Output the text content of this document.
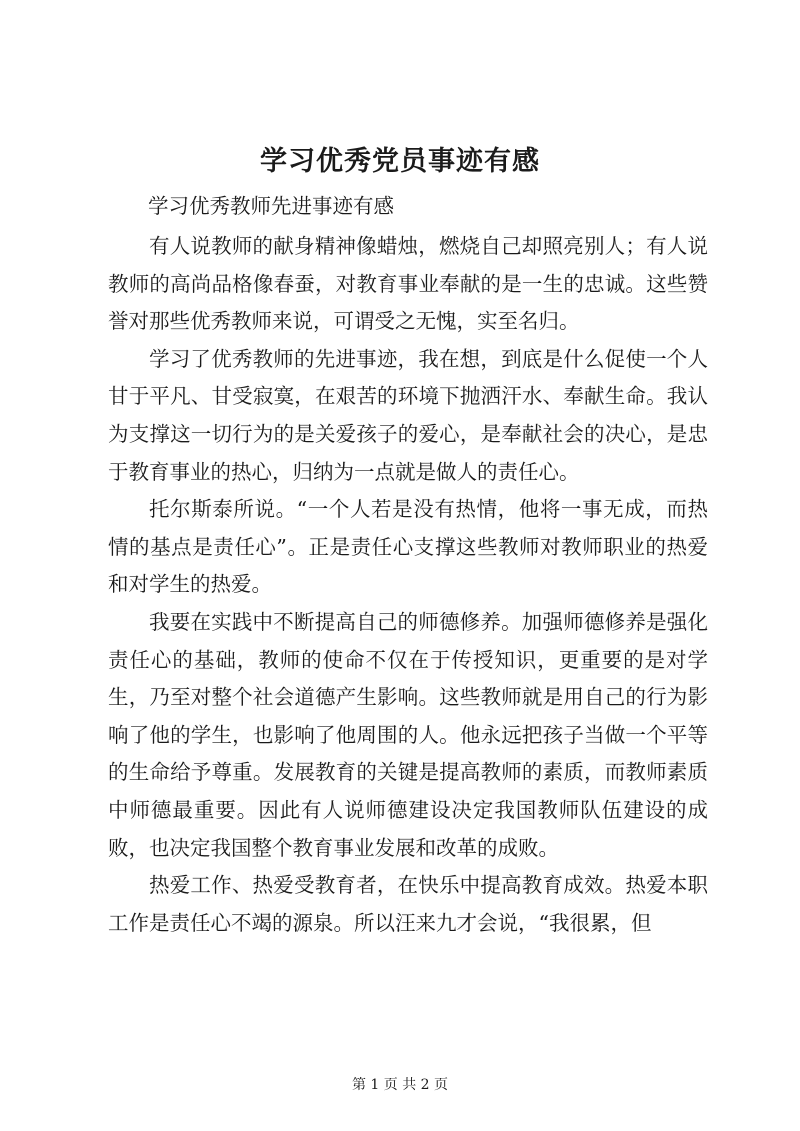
学习优秀党员事迹有感
学习优秀教师先进事迹有感

有人说教师的献身精神像蜡烛，燃烧自己却照亮别人；有人说教师的高尚品格像春蚕，对教育事业奉献的是一生的忠诚。这些赞誉对那些优秀教师来说，可谓受之无愧，实至名归。

学习了优秀教师的先进事迹，我在想，到底是什么促使一个人甘于平凡、甘受寂寞，在艰苦的环境下抛洒汗水、奉献生命。我认为支撑这一切行为的是关爱孩子的爱心，是奉献社会的决心，是忠于教育事业的热心，归纳为一点就是做人的责任心。

托尔斯泰所说。“一个人若是没有热情，他将一事无成，而热情的基点是责任心”。正是责任心支撑这些教师对教师职业的热爱和对学生的热爱。

我要在实践中不断提高自己的师德修养。加强师德修养是强化责任心的基础，教师的使命不仅在于传授知识，更重要的是对学生，乃至对整个社会道德产生影响。这些教师就是用自己的行为影响了他的学生，也影响了他周围的人。他永远把孩子当做一个平等的生命给予尊重。发展教育的关键是提高教师的素质，而教师素质中师德最重要。因此有人说师德建设决定我国教师队伍建设的成败，也决定我国整个教育事业发展和改革的成败。

热爱工作、热爱受教育者，在快乐中提高教育成效。热爱本职工作是责任心不竭的源泉。所以汪来九才会说，“我很累，但

第 1 页 共 2 页
